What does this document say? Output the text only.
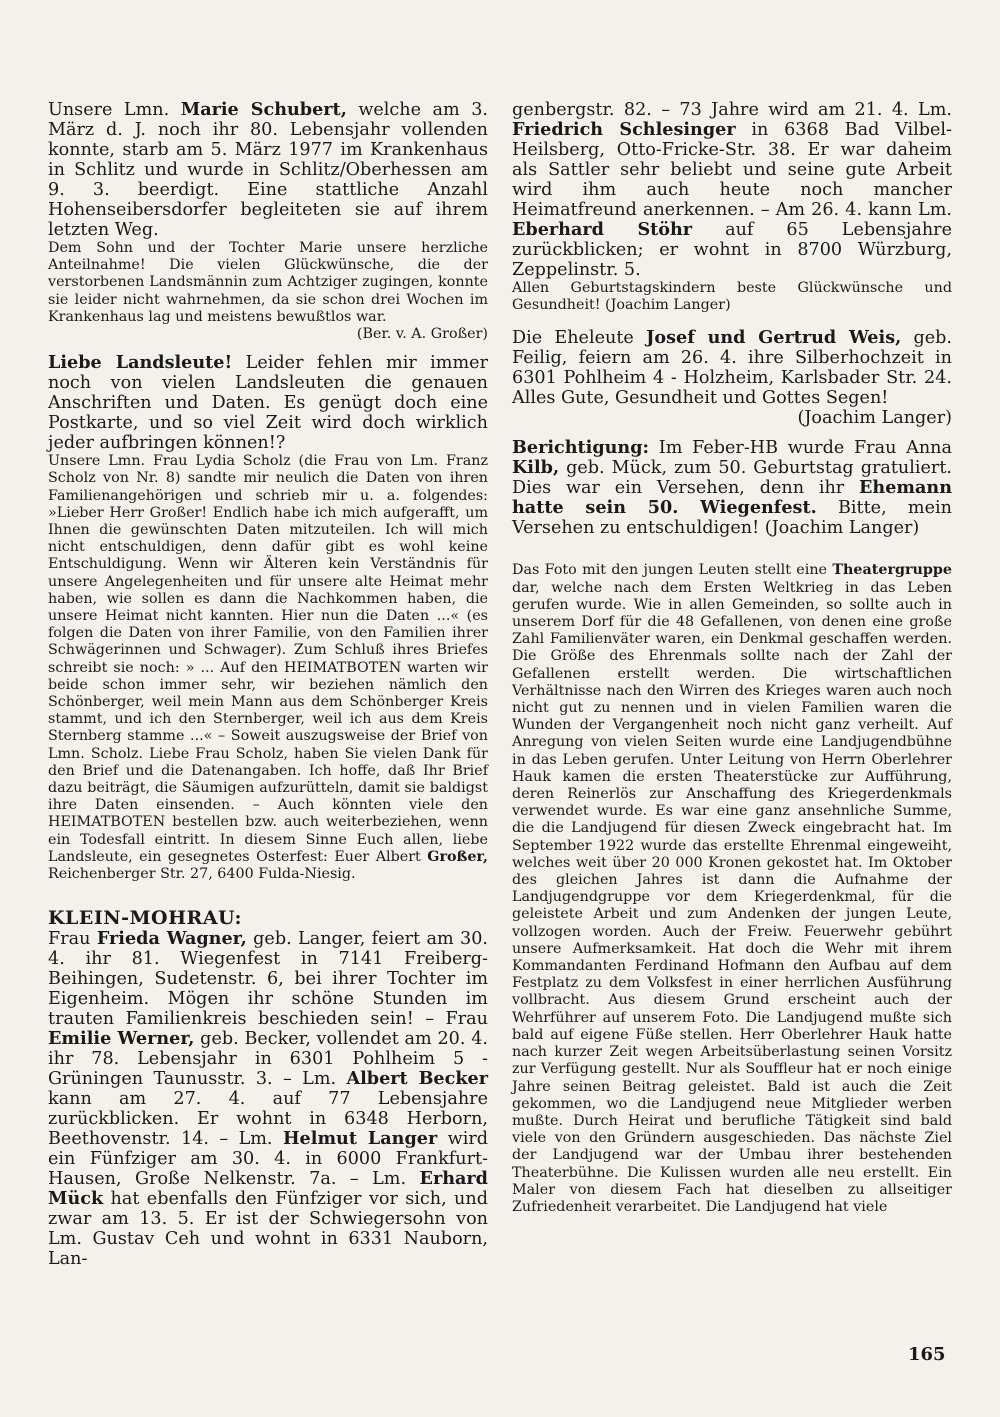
Unsere Lmn. Marie Schubert, welche am 3. März d. J. noch ihr 80. Lebensjahr vollenden konnte, starb am 5. März 1977 im Krankenhaus in Schlitz und wurde in Schlitz/Oberhessen am 9. 3. beerdigt. Eine stattliche Anzahl Hohenseibersdorfer begleiteten sie auf ihrem letzten Weg.

Dem Sohn und der Tochter Marie unsere herzliche Anteilnahme! Die vielen Glückwünsche, die der verstorbenen Landsmännin zum Achtziger zugingen, konnte sie leider nicht wahrnehmen, da sie schon drei Wochen im Krankenhaus lag und meistens bewußtlos war.

(Ber. v. A. Großer)

Liebe Landsleute! Leider fehlen mir immer noch von vielen Landsleuten die genauen Anschriften und Daten. Es genügt doch eine Postkarte, und so viel Zeit wird doch wirklich jeder aufbringen können!?

Unsere Lmn. Frau Lydia Scholz (die Frau von Lm. Franz Scholz von Nr. 8) sandte mir neulich die Daten von ihren Familienangehörigen und schrieb mir u. a. folgendes: »Lieber Herr Großer! Endlich habe ich mich aufgerafft, um Ihnen die gewünschten Daten mitzuteilen. Ich will mich nicht entschuldigen, denn dafür gibt es wohl keine Entschuldigung. Wenn wir Älteren kein Verständnis für unsere Angelegenheiten und für unsere alte Heimat mehr haben, wie sollen es dann die Nachkommen haben, die unsere Heimat nicht kannten. Hier nun die Daten ...« (es folgen die Daten von ihrer Familie, von den Familien ihrer Schwägerinnen und Schwager). Zum Schluß ihres Briefes schreibt sie noch: » ... Auf den HEIMATBOTEN warten wir beide schon immer sehr, wir beziehen nämlich den Schönberger, weil mein Mann aus dem Schönberger Kreis stammt, und ich den Sternberger, weil ich aus dem Kreis Sternberg stamme ...« – Soweit auszugsweise der Brief von Lmn. Scholz. Liebe Frau Scholz, haben Sie vielen Dank für den Brief und die Datenangaben. Ich hoffe, daß Ihr Brief dazu beiträgt, die Säumigen aufzurütteln, damit sie baldigst ihre Daten einsenden. – Auch könnten viele den HEIMATBOTEN bestellen bzw. auch weiterbeziehen, wenn ein Todesfall eintritt. In diesem Sinne Euch allen, liebe Landsleute, ein gesegnetes Osterfest: Euer Albert Großer, Reichenberger Str. 27, 6400 Fulda-Niesig.

KLEIN-MOHRAU:

Frau Frieda Wagner, geb. Langer, feiert am 30. 4. ihr 81. Wiegenfest in 7141 Freiberg-Beihingen, Sudetenstr. 6, bei ihrer Tochter im Eigenheim. Mögen ihr schöne Stunden im trauten Familienkreis beschieden sein! – Frau Emilie Werner, geb. Becker, vollendet am 20. 4. ihr 78. Lebensjahr in 6301 Pohlheim 5 - Grüningen Taunusstr. 3. – Lm. Albert Becker kann am 27. 4. auf 77 Lebensjahre zurückblicken. Er wohnt in 6348 Herborn, Beethovenstr. 14. – Lm. Helmut Langer wird ein Fünfziger am 30. 4. in 6000 Frankfurt-Hausen, Große Nelkenstr. 7a. – Lm. Erhard Mück hat ebenfalls den Fünfziger vor sich, und zwar am 13. 5. Er ist der Schwiegersohn von Lm. Gustav Ceh und wohnt in 6331 Nauborn, Lan-

genbergstr. 82. – 73 Jahre wird am 21. 4. Lm. Friedrich Schlesinger in 6368 Bad Vilbel-Heilsberg, Otto-Fricke-Str. 38. Er war daheim als Sattler sehr beliebt und seine gute Arbeit wird ihm auch heute noch mancher Heimatfreund anerkennen. – Am 26. 4. kann Lm. Eberhard Stöhr auf 65 Lebensjahre zurückblicken; er wohnt in 8700 Würzburg, Zeppelinstr. 5.

Allen Geburtstagskindern beste Glückwünsche und Gesundheit! (Joachim Langer)

Die Eheleute Josef und Gertrud Weis, geb. Feilig, feiern am 26. 4. ihre Silberhochzeit in 6301 Pohlheim 4 - Holzheim, Karlsbader Str. 24. Alles Gute, Gesundheit und Gottes Segen!

(Joachim Langer)

Berichtigung: Im Feber-HB wurde Frau Anna Kilb, geb. Mück, zum 50. Geburtstag gratuliert. Dies war ein Versehen, denn ihr Ehemann hatte sein 50. Wiegenfest. Bitte, mein Versehen zu entschuldigen! (Joachim Langer)

Das Foto mit den jungen Leuten stellt eine Theatergruppe dar, welche nach dem Ersten Weltkrieg in das Leben gerufen wurde. Wie in allen Gemeinden, so sollte auch in unserem Dorf für die 48 Gefallenen, von denen eine große Zahl Familienväter waren, ein Denkmal geschaffen werden. Die Größe des Ehrenmals sollte nach der Zahl der Gefallenen erstellt werden. Die wirtschaftlichen Verhältnisse nach den Wirren des Krieges waren auch noch nicht gut zu nennen und in vielen Familien waren die Wunden der Vergangenheit noch nicht ganz verheilt. Auf Anregung von vielen Seiten wurde eine Landjugendbühne in das Leben gerufen. Unter Leitung von Herrn Oberlehrer Hauk kamen die ersten Theaterstücke zur Aufführung, deren Reinerlös zur Anschaffung des Kriegerdenkmals verwendet wurde. Es war eine ganz ansehnliche Summe, die die Landjugend für diesen Zweck eingebracht hat. Im September 1922 wurde das erstellte Ehrenmal eingeweiht, welches weit über 20 000 Kronen gekostet hat. Im Oktober des gleichen Jahres ist dann die Aufnahme der Landjugendgruppe vor dem Kriegerdenkmal, für die geleistete Arbeit und zum Andenken der jungen Leute, vollzogen worden. Auch der Freiw. Feuerwehr gebührt unsere Aufmerksamkeit. Hat doch die Wehr mit ihrem Kommandanten Ferdinand Hofmann den Aufbau auf dem Festplatz zu dem Volksfest in einer herrlichen Ausführung vollbracht. Aus diesem Grund erscheint auch der Wehrführer auf unserem Foto. Die Landjugend mußte sich bald auf eigene Füße stellen. Herr Oberlehrer Hauk hatte nach kurzer Zeit wegen Arbeitsüberlastung seinen Vorsitz zur Verfügung gestellt. Nur als Souffleur hat er noch einige Jahre seinen Beitrag geleistet. Bald ist auch die Zeit gekommen, wo die Landjugend neue Mitglieder werben mußte. Durch Heirat und berufliche Tätigkeit sind bald viele von den Gründern ausgeschieden. Das nächste Ziel der Landjugend war der Umbau ihrer bestehenden Theaterbühne. Die Kulissen wurden alle neu erstellt. Ein Maler von diesem Fach hat dieselben zu allseitiger Zufriedenheit verarbeitet. Die Landjugend hat viele

165
